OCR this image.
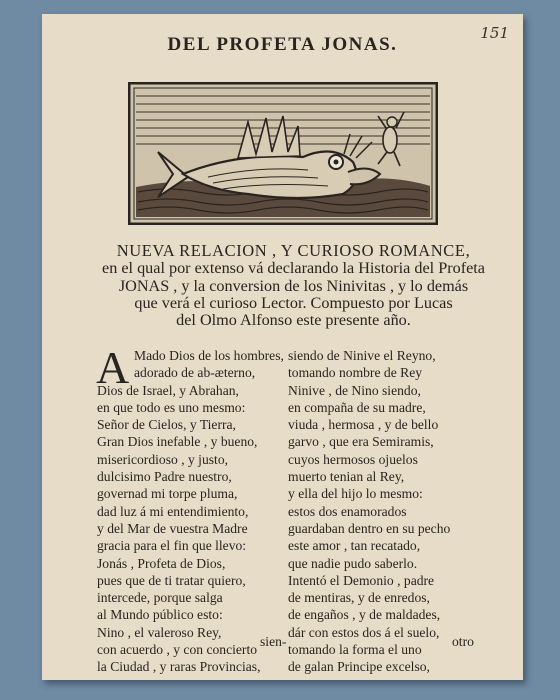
151
DEL PROFETA JONAS.
NUEVA RELACION , Y CURIOSO ROMANCE,
en el qual por extenso vá declarando la Historia del Profeta
JONAS , y la conversion de los Ninivitas , y lo demás
que verá el curioso Lector. Compuesto por Lucas
del Olmo Alfonso este presente año.
A Mado Dios de los hombres,
adorado de ab-æterno,
Dios de Israel, y Abrahan,
en que todo es uno mesmo:
Señor de Cielos, y Tierra,
Gran Dios inefable , y bueno,
misericordioso , y justo,
dulcisimo Padre nuestro,
governad mi torpe pluma,
dad luz á mi entendimiento,
y del Mar de vuestra Madre
gracia para el fin que llevo:
Jonás , Profeta de Dios,
pues que de ti tratar quiero,
intercede, porque salga
al Mundo público esto:
Nino , el valeroso Rey,
con acuerdo , y con concierto
la Ciudad , y raras Provincias,
siendo de Ninive el Reyno,
tomando nombre de Rey
Ninive , de Nino siendo,
en compaña de su madre,
viuda , hermosa , y de bello
garvo , que era Semiramis,
cuyos hermosos ojuelos
muerto tenian al Rey,
y ella del hijo lo mesmo:
estos dos enamorados
guardaban dentro en su pecho
este amor , tan recatado,
que nadie pudo saberlo.
Intentó el Demonio , padre
de mentiras, y de enredos,
de engaños , y de maldades,
dár con estos dos á el suelo,
tomando la forma el uno
de galan Principe excelso,
sien-	otro
